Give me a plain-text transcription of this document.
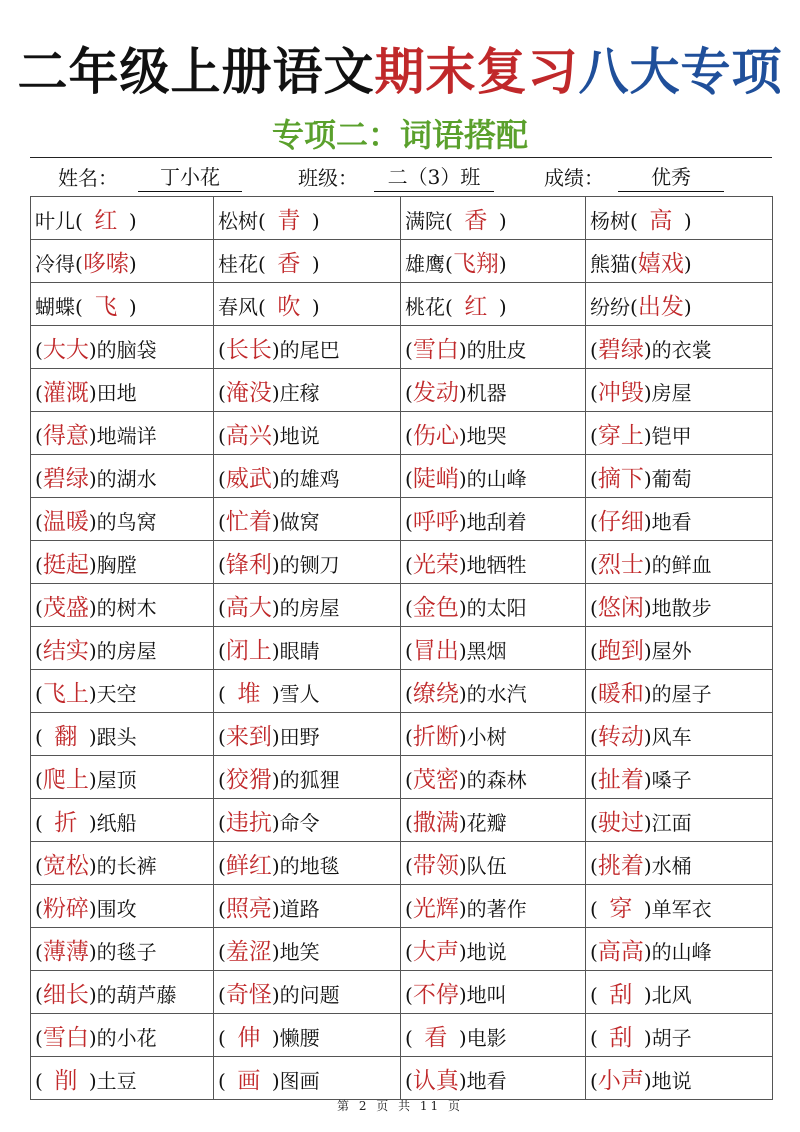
二年级上册语文期末复习八大专项
专项二：词语搭配
姓名：	丁小花	班级：	二（3）班	成绩：	优秀
叶儿( 红 )	松树( 青 )	满院( 香 )	杨树( 高 )
冷得(哆嗦)	桂花( 香 )	雄鹰(飞翔)	熊猫(嬉戏)
蝴蝶( 飞 )	春风( 吹 )	桃花( 红 )	纷纷(出发)
(大大)的脑袋	(长长)的尾巴	(雪白)的肚皮	(碧绿)的衣裳
(灌溉)田地	(淹没)庄稼	(发动)机器	(冲毁)房屋
(得意)地端详	(高兴)地说	(伤心)地哭	(穿上)铠甲
(碧绿)的湖水	(威武)的雄鸡	(陡峭)的山峰	(摘下)葡萄
(温暖)的鸟窝	(忙着)做窝	(呼呼)地刮着	(仔细)地看
(挺起)胸膛	(锋利)的铡刀	(光荣)地牺牲	(烈士)的鲜血
(茂盛)的树木	(高大)的房屋	(金色)的太阳	(悠闲)地散步
(结实)的房屋	(闭上)眼睛	(冒出)黑烟	(跑到)屋外
(飞上)天空	( 堆 )雪人	(缭绕)的水汽	(暖和)的屋子
( 翻 )跟头	(来到)田野	(折断)小树	(转动)风车
(爬上)屋顶	(狡猾)的狐狸	(茂密)的森林	(扯着)嗓子
( 折 )纸船	(违抗)命令	(撒满)花瓣	(驶过)江面
(宽松)的长裤	(鲜红)的地毯	(带领)队伍	(挑着)水桶
(粉碎)围攻	(照亮)道路	(光辉)的著作	( 穿 )单军衣
(薄薄)的毯子	(羞涩)地笑	(大声)地说	(高高)的山峰
(细长)的葫芦藤	(奇怪)的问题	(不停)地叫	( 刮 )北风
(雪白)的小花	( 伸 )懒腰	( 看 )电影	( 刮 )胡子
( 削 )土豆	( 画 )图画	(认真)地看	(小声)地说
第 2 页 共 11 页
